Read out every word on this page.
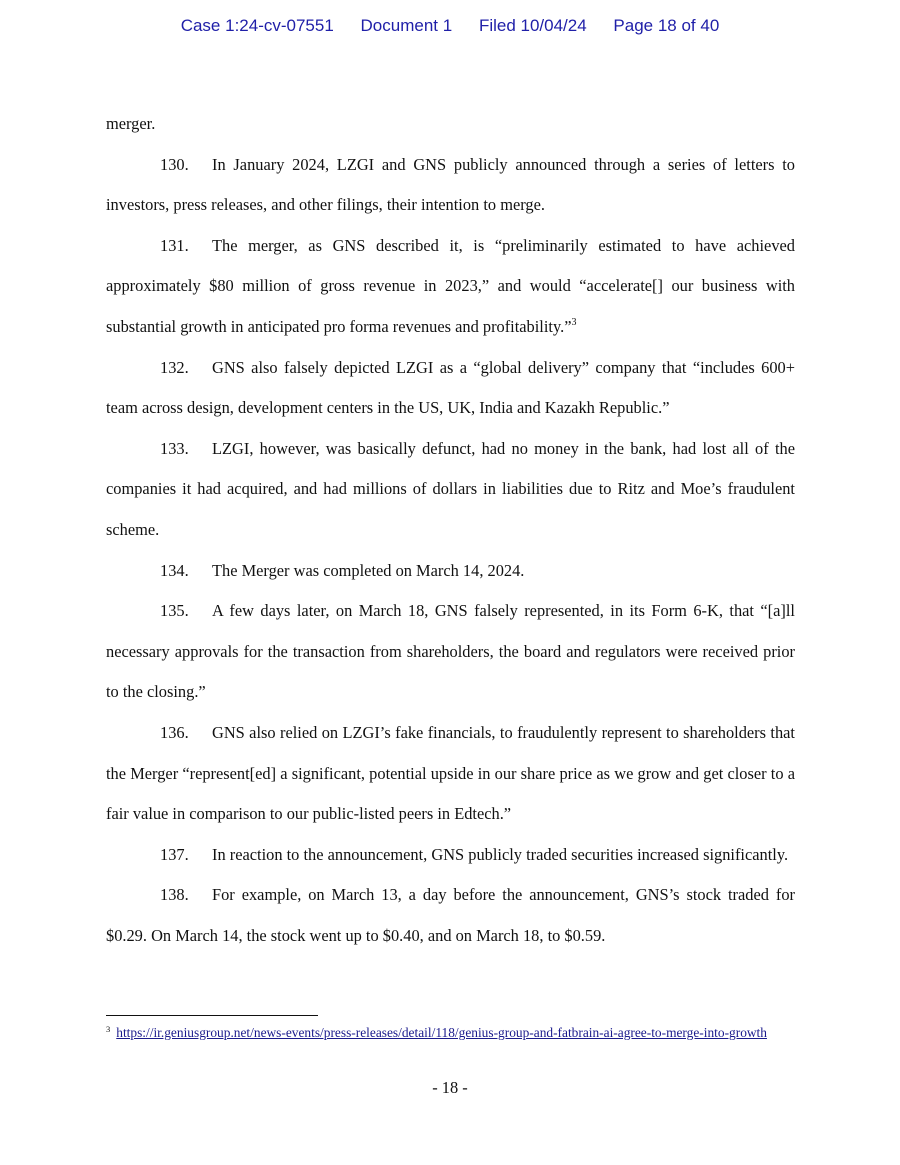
Case 1:24-cv-07551 Document 1 Filed 10/04/24 Page 18 of 40

merger.

130. In January 2024, LZGI and GNS publicly announced through a series of letters to investors, press releases, and other filings, their intention to merge.

131. The merger, as GNS described it, is “preliminarily estimated to have achieved approximately $80 million of gross revenue in 2023,” and would “accelerate[] our business with substantial growth in anticipated pro forma revenues and profitability.”$^3$

132. GNS also falsely depicted LZGI as a “global delivery” company that “includes 600+ team across design, development centers in the US, UK, India and Kazakh Republic.”

133. LZGI, however, was basically defunct, had no money in the bank, had lost all of the companies it had acquired, and had millions of dollars in liabilities due to Ritz and Moe’s fraudulent scheme.

134. The Merger was completed on March 14, 2024.

135. A few days later, on March 18, GNS falsely represented, in its Form 6-K, that “[a]ll necessary approvals for the transaction from shareholders, the board and regulators were received prior to the closing.”

136. GNS also relied on LZGI’s fake financials, to fraudulently represent to shareholders that the Merger “represent[ed] a significant, potential upside in our share price as we grow and get closer to a fair value in comparison to our public-listed peers in Edtech.”

137. In reaction to the announcement, GNS publicly traded securities increased significantly.

138. For example, on March 13, a day before the announcement, GNS’s stock traded for $0.29. On March 14, the stock went up to $0.40, and on March 18, to $0.59.

$^3$ https://ir.geniusgroup.net/news-events/press-releases/detail/118/genius-group-and-fatbrain-ai-agree-to-merge-into-growth
- 18 -
